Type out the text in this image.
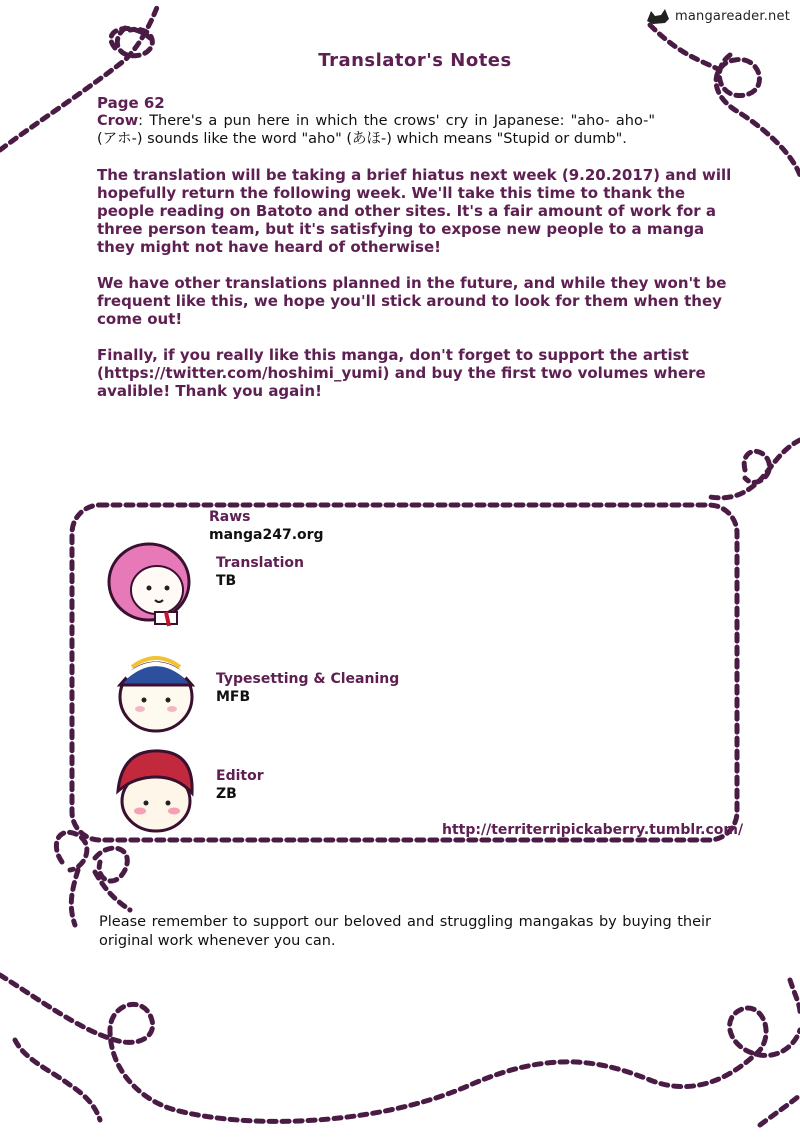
mangareader.net
Translator's Notes

Page 62

Crow: There's a pun here in which the crows' cry in Japanese: "aho- aho-" (アホ-) sounds like the word "aho" (あほ-) which means "Stupid or dumb".

The translation will be taking a brief hiatus next week (9.20.2017) and will hopefully return the following week. We'll take this time to thank the people reading on Batoto and other sites. It's a fair amount of work for a three person team, but it's satisfying to expose new people to a manga they might not have heard of otherwise!

We have other translations planned in the future, and while they won't be frequent like this, we hope you'll stick around to look for them when they come out!

Finally, if you really like this manga, don't forget to support the artist (https://twitter.com/hoshimi_yumi) and buy the first two volumes where avalible! Thank you again!

Raws
manga247.org
Translation
TB
Typesetting & Cleaning
MFB
Editor
ZB
http://territerripickaberry.tumblr.com/
Please remember to support our beloved and struggling mangakas by buying their original work whenever you can.
